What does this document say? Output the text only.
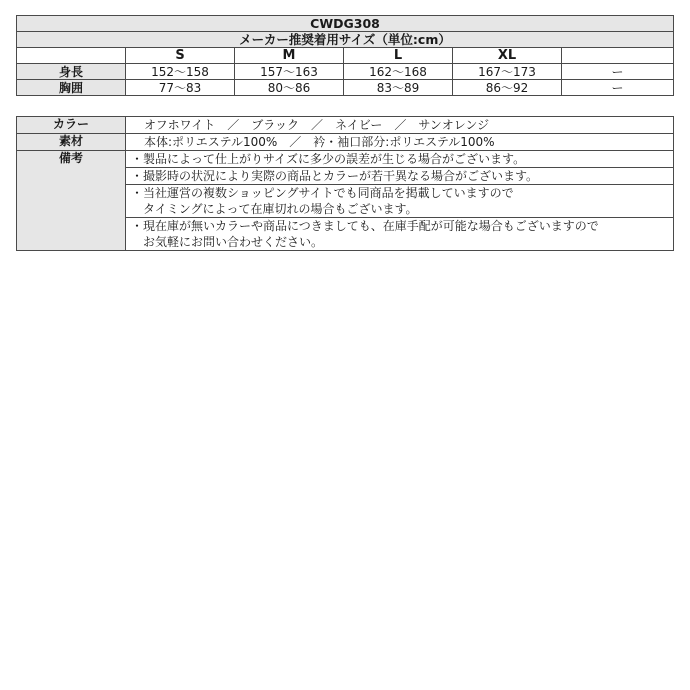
CWDG308					
メーカー推奨着用サイズ（単位:cm）					
	S	M	L	XL	
身長	152～158	157～163	162～168	167～173	ー
胸囲	77～83	80～86	83～89	86～92	ー
カラー	オフホワイト　／　ブラック　／　ネイビー　／　サンオレンジ
素材	本体:ポリエステル100%　／　衿・袖口部分:ポリエステル100%
備考	・製品によって仕上がりサイズに多少の誤差が生じる場合がございます。

	・撮影時の状況により実際の商品とカラーが若干異なる場合がございます。

	・当社運営の複数ショッピングサイトでも同商品を掲載していますので
タイミングによって在庫切れの場合もございます。

	・現在庫が無いカラーや商品につきましても、在庫手配が可能な場合もございますので
お気軽にお問い合わせください。
